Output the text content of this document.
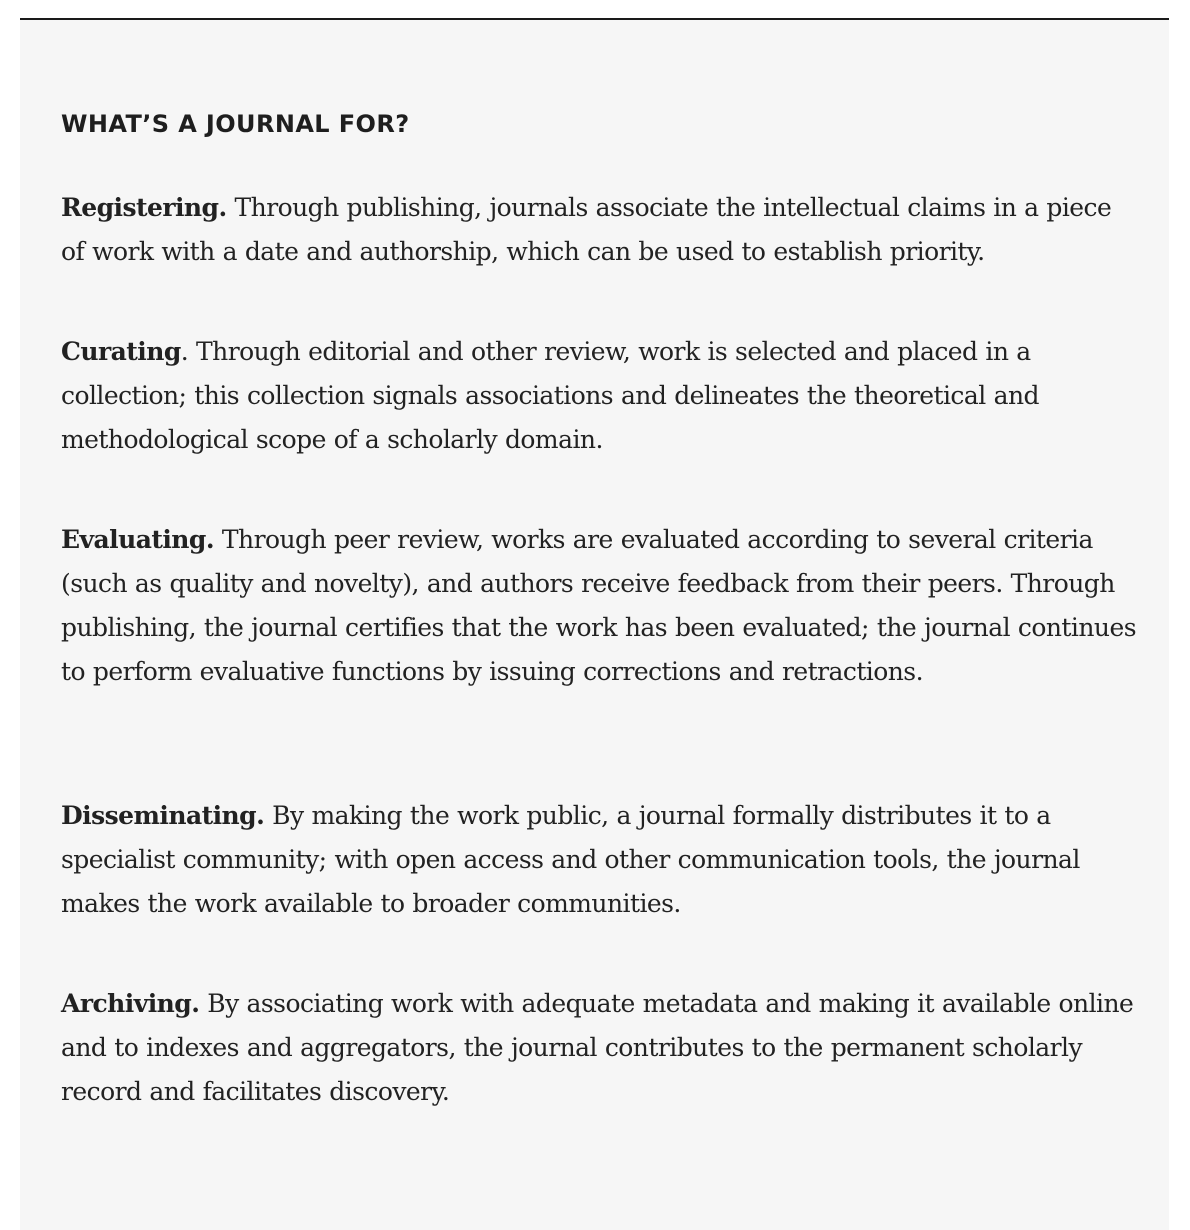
WHAT’S A JOURNAL FOR?

Registering. Through publishing, journals associate the intellectual claims in a piece of work with a date and authorship, which can be used to establish priority.

Curating. Through editorial and other review, work is selected and placed in a collection; this collection signals associations and delineates the theoretical and methodological scope of a scholarly domain.

Evaluating. Through peer review, works are evaluated according to several criteria (such as quality and novelty), and authors receive feedback from their peers. Through publishing, the journal certifies that the work has been evaluated; the journal continues to perform evaluative functions by issuing corrections and retractions.

Disseminating. By making the work public, a journal formally distributes it to a specialist community; with open access and other communication tools, the journal makes the work available to broader communities.

Archiving. By associating work with adequate metadata and making it available online and to indexes and aggregators, the journal contributes to the permanent scholarly record and facilitates discovery.
